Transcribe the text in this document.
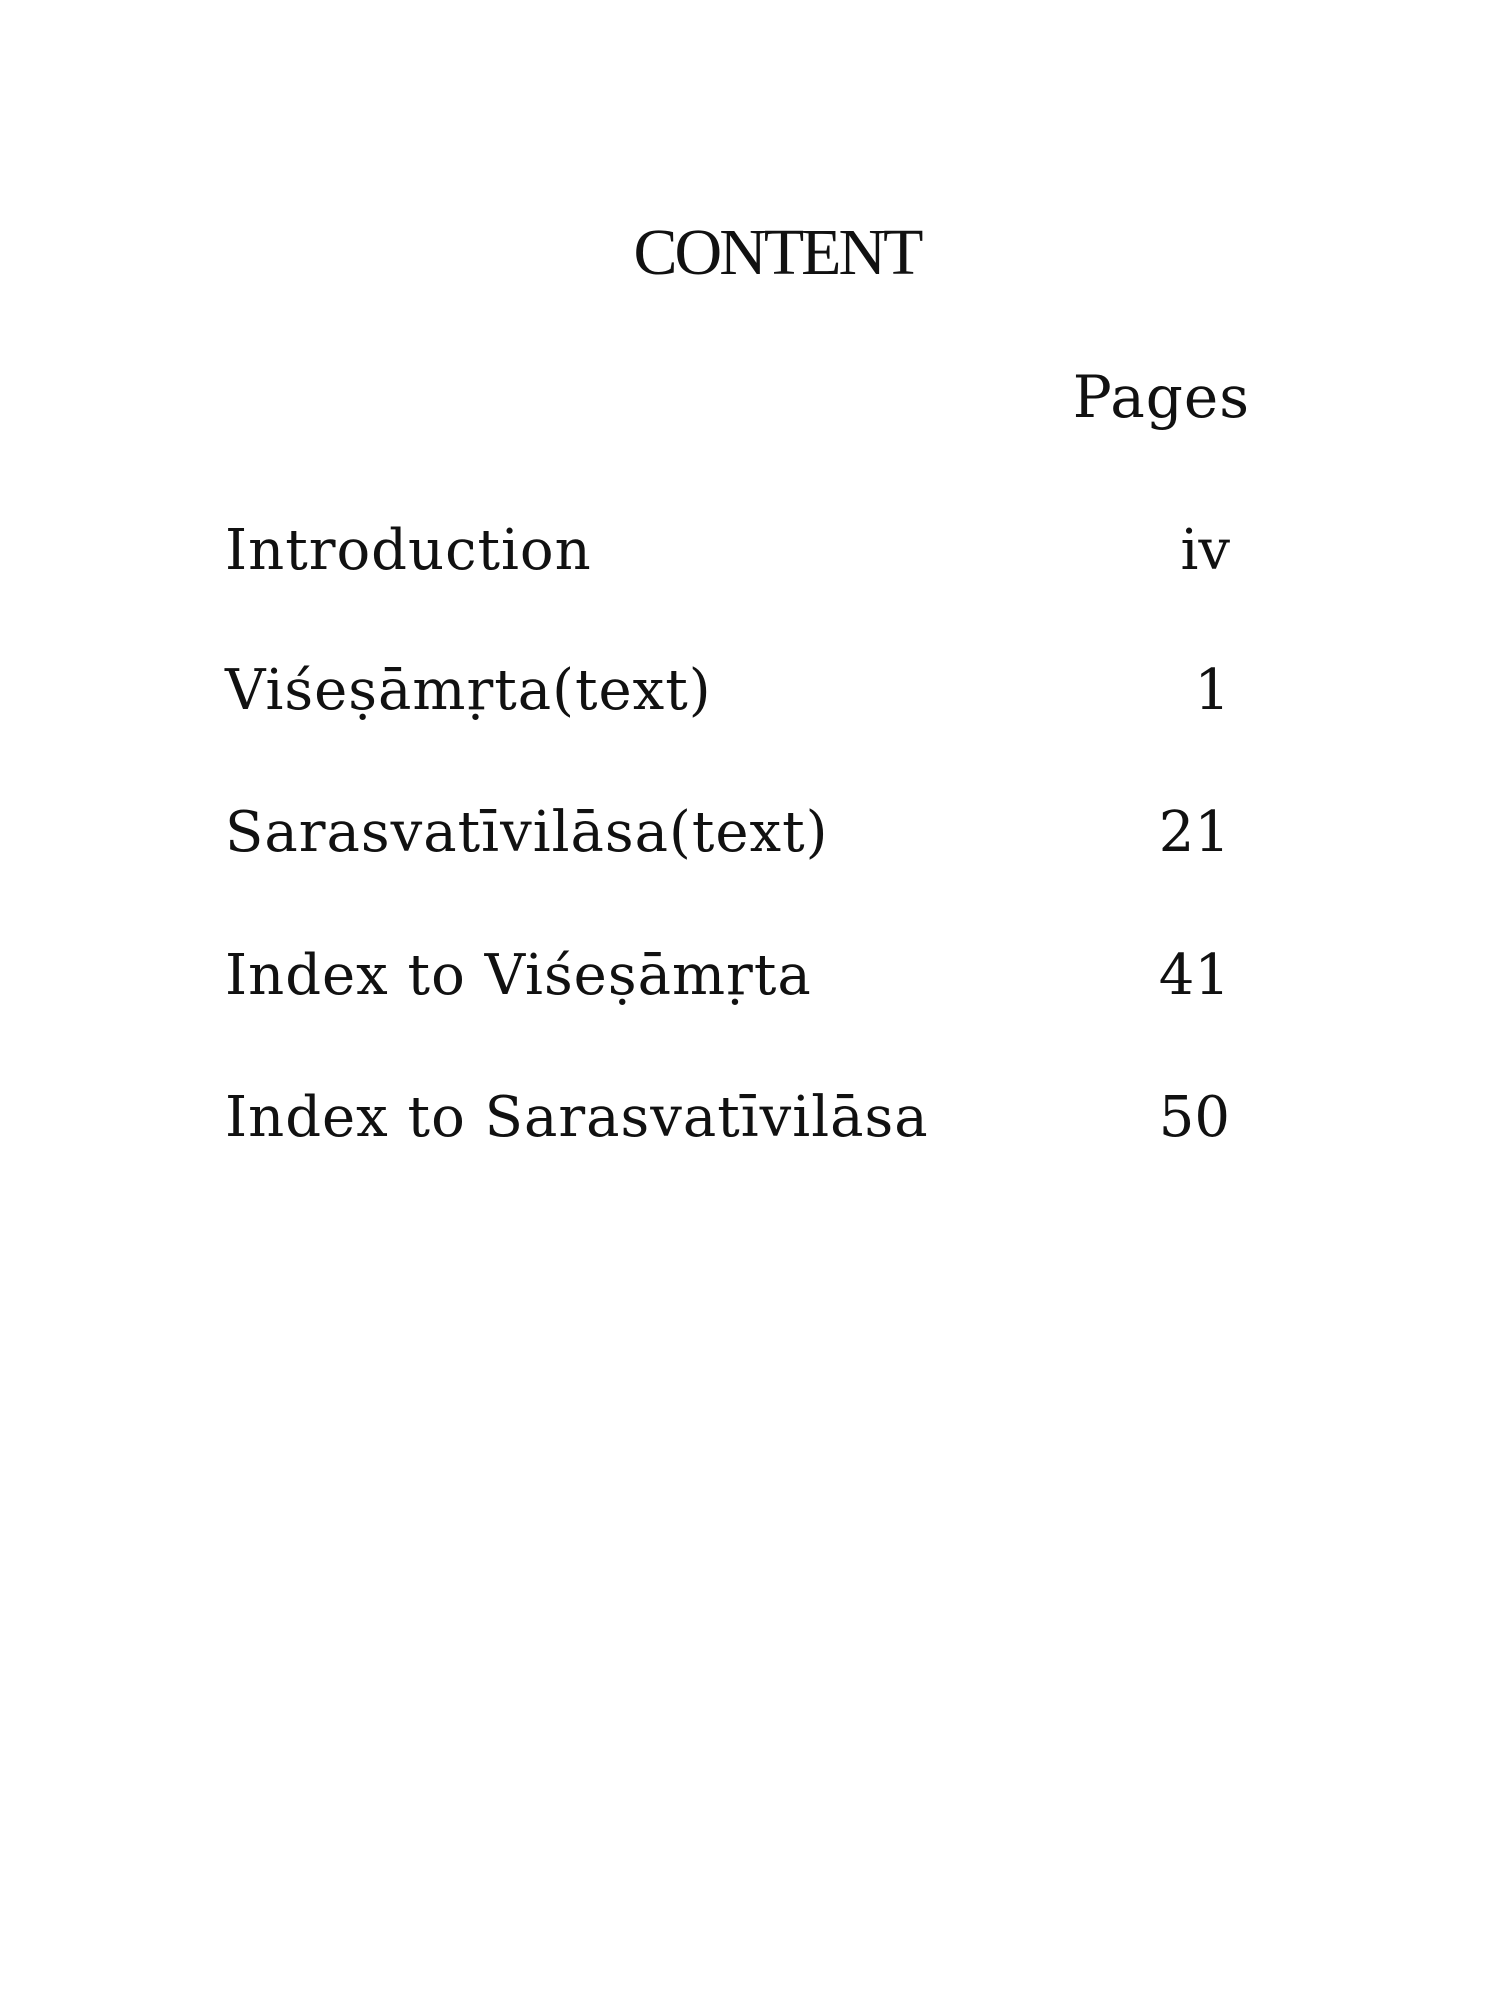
CONTENT
Pages
Introduction	iv
Viśeṣāmṛta(text)	1
Sarasvatīvilāsa(text)	21
Index to Viśeṣāmṛta	41
Index to Sarasvatīvilāsa	50
